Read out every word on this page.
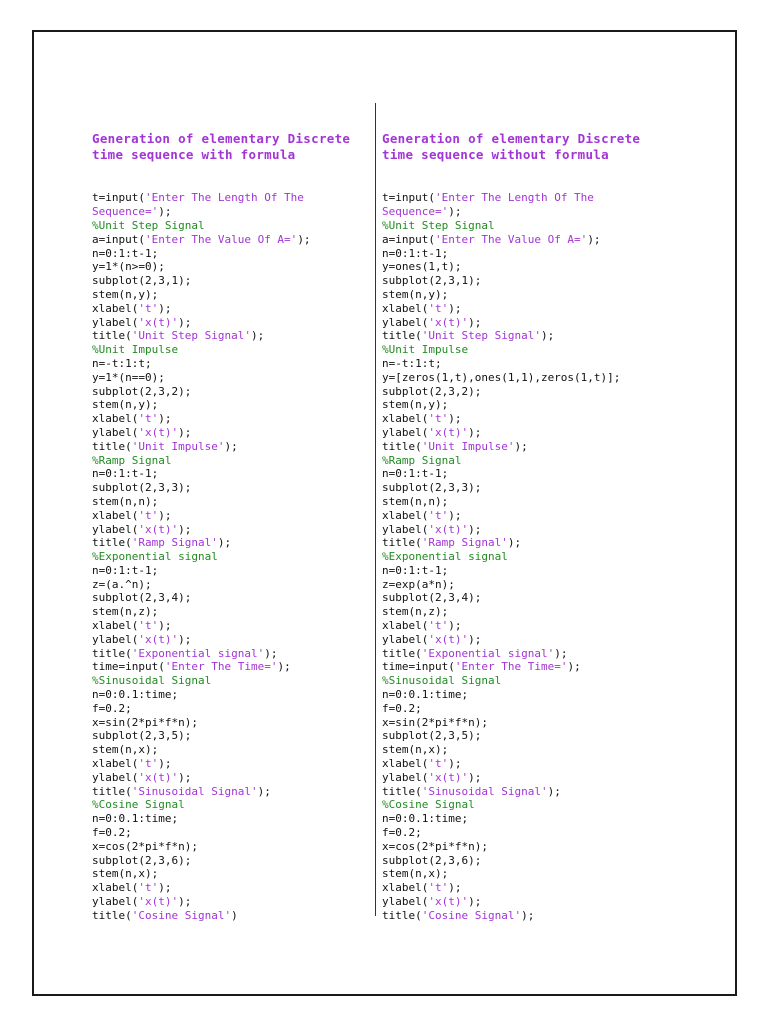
Generation of elementary Discrete time sequence with formula

t=input('Enter The Length Of The
Sequence=');
%Unit Step Signal
a=input('Enter The Value Of A=');
n=0:1:t-1;
y=1*(n>=0);
subplot(2,3,1);
stem(n,y);
xlabel('t');
ylabel('x(t)');
title('Unit Step Signal');
%Unit Impulse
n=-t:1:t;
y=1*(n==0);
subplot(2,3,2);
stem(n,y);
xlabel('t');
ylabel('x(t)');
title('Unit Impulse');
%Ramp Signal
n=0:1:t-1;
subplot(2,3,3);
stem(n,n);
xlabel('t');
ylabel('x(t)');
title('Ramp Signal');
%Exponential signal
n=0:1:t-1;
z=(a.^n);
subplot(2,3,4);
stem(n,z);
xlabel('t');
ylabel('x(t)');
title('Exponential signal');
time=input('Enter The Time=');
%Sinusoidal Signal
n=0:0.1:time;
f=0.2;
x=sin(2*pi*f*n);
subplot(2,3,5);
stem(n,x);
xlabel('t');
ylabel('x(t)');
title('Sinusoidal Signal');
%Cosine Signal
n=0:0.1:time;
f=0.2;
x=cos(2*pi*f*n);
subplot(2,3,6);
stem(n,x);
xlabel('t');
ylabel('x(t)');
title('Cosine Signal')

Generation of elementary Discrete time sequence without formula

t=input('Enter The Length Of The
Sequence=');
%Unit Step Signal
a=input('Enter The Value Of A=');
n=0:1:t-1;
y=ones(1,t);
subplot(2,3,1);
stem(n,y);
xlabel('t');
ylabel('x(t)');
title('Unit Step Signal');
%Unit Impulse
n=-t:1:t;
y=[zeros(1,t),ones(1,1),zeros(1,t)];
subplot(2,3,2);
stem(n,y);
xlabel('t');
ylabel('x(t)');
title('Unit Impulse');
%Ramp Signal
n=0:1:t-1;
subplot(2,3,3);
stem(n,n);
xlabel('t');
ylabel('x(t)');
title('Ramp Signal');
%Exponential signal
n=0:1:t-1;
z=exp(a*n);
subplot(2,3,4);
stem(n,z);
xlabel('t');
ylabel('x(t)');
title('Exponential signal');
time=input('Enter The Time=');
%Sinusoidal Signal
n=0:0.1:time;
f=0.2;
x=sin(2*pi*f*n);
subplot(2,3,5);
stem(n,x);
xlabel('t');
ylabel('x(t)');
title('Sinusoidal Signal');
%Cosine Signal
n=0:0.1:time;
f=0.2;
x=cos(2*pi*f*n);
subplot(2,3,6);
stem(n,x);
xlabel('t');
ylabel('x(t)');
title('Cosine Signal');
